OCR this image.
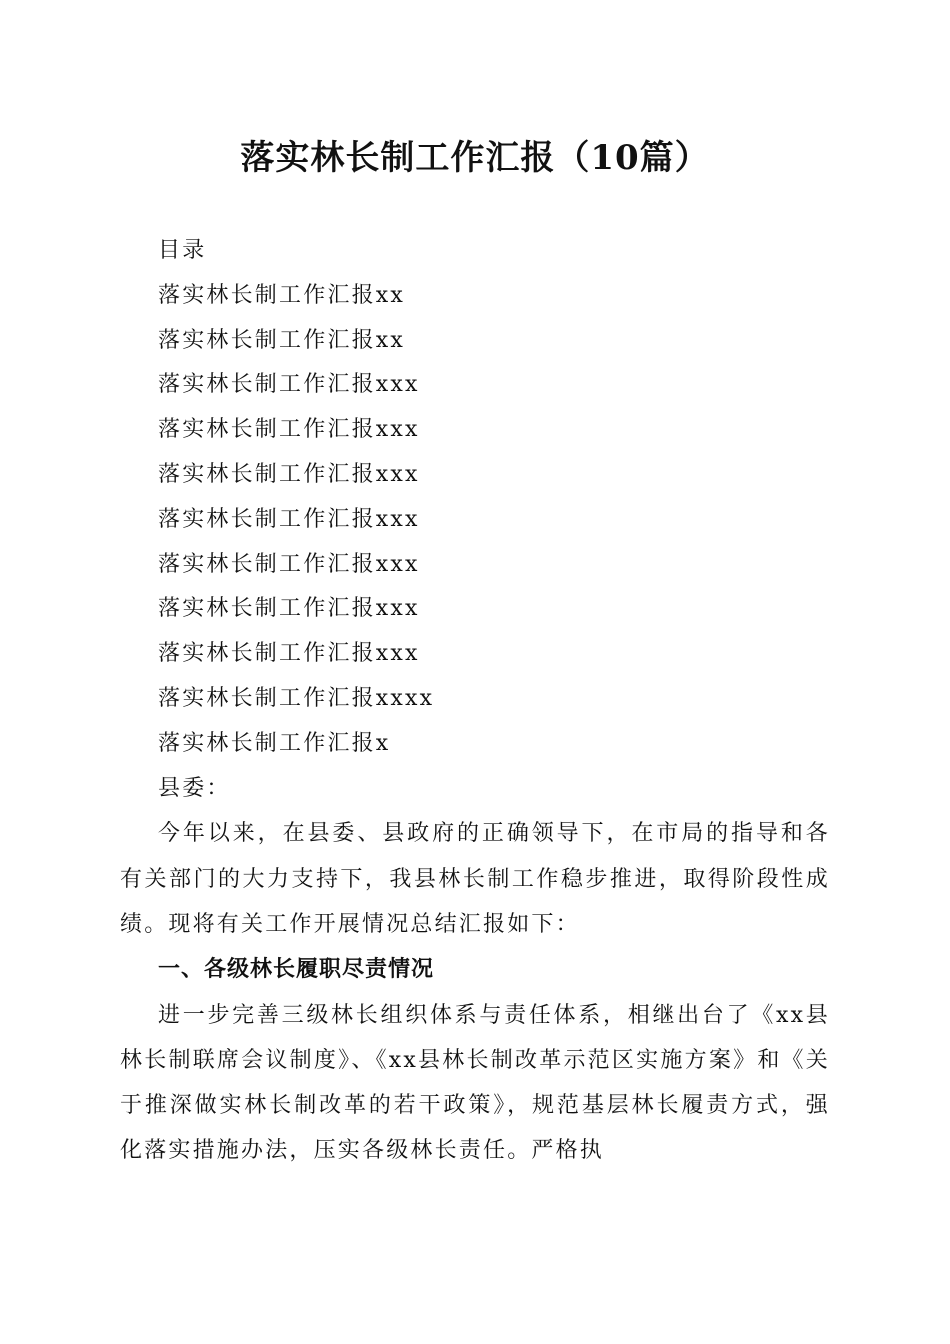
落实林长制工作汇报（10篇）
目录
落实林长制工作汇报xx
落实林长制工作汇报xx
落实林长制工作汇报xxx
落实林长制工作汇报xxx
落实林长制工作汇报xxx
落实林长制工作汇报xxx
落实林长制工作汇报xxx
落实林长制工作汇报xxx
落实林长制工作汇报xxx
落实林长制工作汇报xxxx
落实林长制工作汇报x
县委：

今年以来，在县委、县政府的正确领导下，在市局的指导和各有关部门的大力支持下，我县林长制工作稳步推进，取得阶段性成绩。现将有关工作开展情况总结汇报如下：

一、各级林长履职尽责情况

进一步完善三级林长组织体系与责任体系，相继出台了《xx县林长制联席会议制度》、《xx县林长制改革示范区实施方案》和《关于推深做实林长制改革的若干政策》，规范基层林长履责方式，强化落实措施办法，压实各级林长责任。严格执
